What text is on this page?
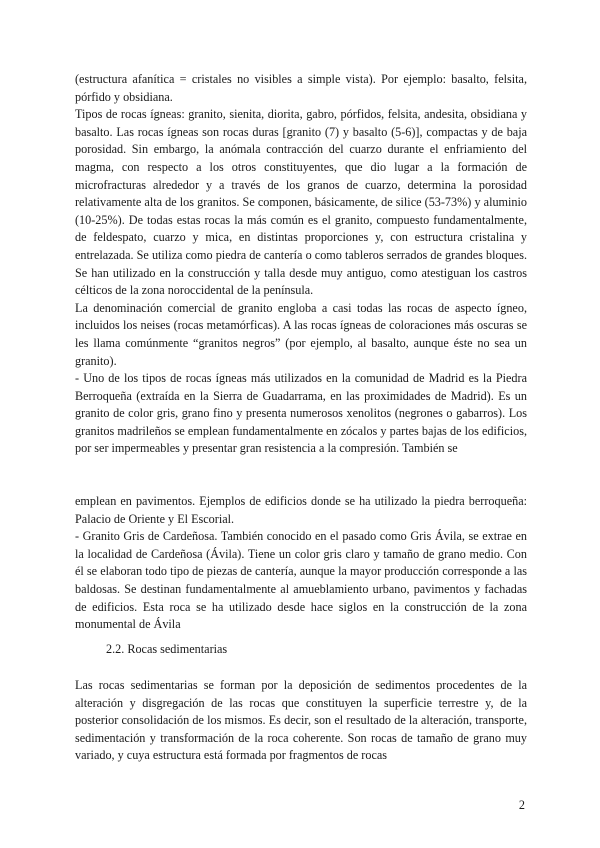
(estructura afanítica = cristales no visibles a simple vista). Por ejemplo: basalto, felsita, pórfido y obsidiana.

Tipos de rocas ígneas: granito, sienita, diorita, gabro, pórfidos, felsita, andesita, obsidiana y basalto. Las rocas ígneas son rocas duras [granito (7) y basalto (5-6)], compactas y de baja porosidad. Sin embargo, la anómala contracción del cuarzo durante el enfriamiento del magma, con respecto a los otros constituyentes, que dio lugar a la formación de microfracturas alrededor y a través de los granos de cuarzo, determina la porosidad relativamente alta de los granitos. Se componen, básicamente, de silice (53-73%) y aluminio (10-25%). De todas estas rocas la más común es el granito, compuesto fundamentalmente, de feldespato, cuarzo y mica, en distintas proporciones y, con estructura cristalina y entrelazada. Se utiliza como piedra de cantería o como tableros serrados de grandes bloques. Se han utilizado en la construcción y talla desde muy antiguo, como atestiguan los castros célticos de la zona noroccidental de la península.

La denominación comercial de granito engloba a casi todas las rocas de aspecto ígneo, incluidos los neises (rocas metamórficas). A las rocas ígneas de coloraciones más oscuras se les llama comúnmente “granitos negros” (por ejemplo, al basalto, aunque éste no sea un granito).

- Uno de los tipos de rocas ígneas más utilizados en la comunidad de Madrid es la Piedra Berroqueña (extraída en la Sierra de Guadarrama, en las proximidades de Madrid). Es un granito de color gris, grano fino y presenta numerosos xenolitos (negrones o gabarros). Los granitos madrileños se emplean fundamentalmente en zócalos y partes bajas de los edificios, por ser impermeables y presentar gran resistencia a la compresión. También se

emplean en pavimentos. Ejemplos de edificios donde se ha utilizado la piedra berroqueña: Palacio de Oriente y El Escorial.

- Granito Gris de Cardeñosa. También conocido en el pasado como Gris Ávila, se extrae en la localidad de Cardeñosa (Ávila). Tiene un color gris claro y tamaño de grano medio. Con él se elaboran todo tipo de piezas de cantería, aunque la mayor producción corresponde a las baldosas. Se destinan fundamentalmente al amueblamiento urbano, pavimentos y fachadas de edificios. Esta roca se ha utilizado desde hace siglos en la construcción de la zona monumental de Ávila

2.2. Rocas sedimentarias

Las rocas sedimentarias se forman por la deposición de sedimentos procedentes de la alteración y disgregación de las rocas que constituyen la superficie terrestre y, de la posterior consolidación de los mismos. Es decir, son el resultado de la alteración, transporte, sedimentación y transformación de la roca coherente. Son rocas de tamaño de grano muy variado, y cuya estructura está formada por fragmentos de rocas

2
